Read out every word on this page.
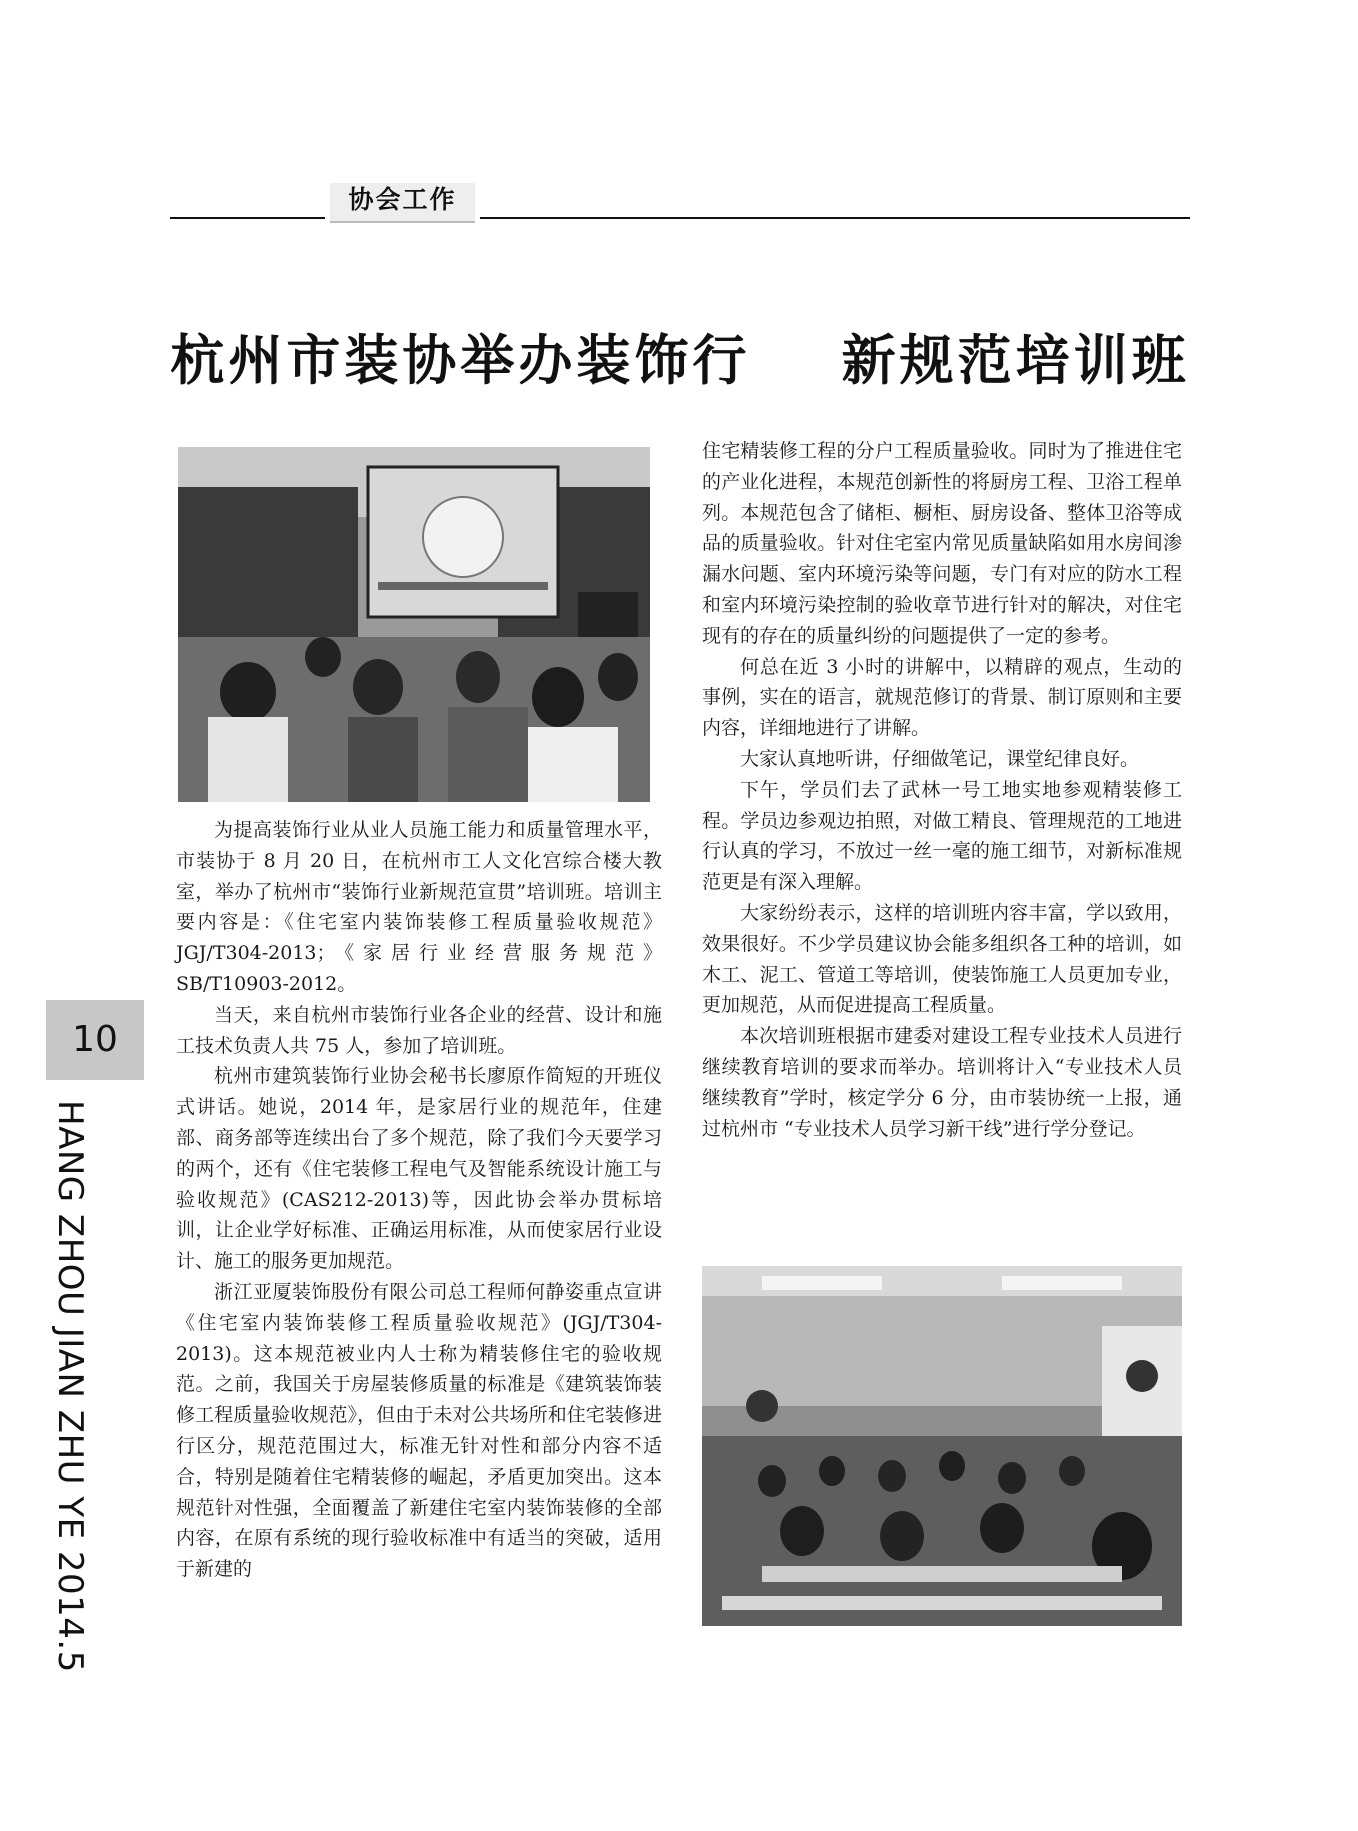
协会工作
杭州市装协举办装饰行    新规范培训班

为提高装饰行业从业人员施工能力和质量管理水平，市装协于 8 月 20 日，在杭州市工人文化宫综合楼大教室，举办了杭州市“装饰行业新规范宣贯”培训班。培训主要内容是：《住宅室内装饰装修工程质量验收规范》JGJ/T304-2013；《家居行业经营服务规范》SB/T10903-2012。

当天，来自杭州市装饰行业各企业的经营、设计和施工技术负责人共 75 人，参加了培训班。

杭州市建筑装饰行业协会秘书长廖原作简短的开班仪式讲话。她说，2014 年，是家居行业的规范年，住建部、商务部等连续出台了多个规范，除了我们今天要学习的两个，还有《住宅装修工程电气及智能系统设计施工与验收规范》(CAS212-2013)等，因此协会举办贯标培训，让企业学好标准、正确运用标准，从而使家居行业设计、施工的服务更加规范。

浙江亚厦装饰股份有限公司总工程师何静姿重点宣讲《住宅室内装饰装修工程质量验收规范》(JGJ/T304-2013)。这本规范被业内人士称为精装修住宅的验收规范。之前，我国关于房屋装修质量的标准是《建筑装饰装修工程质量验收规范》，但由于未对公共场所和住宅装修进行区分，规范范围过大，标准无针对性和部分内容不适合，特别是随着住宅精装修的崛起，矛盾更加突出。这本规范针对性强，全面覆盖了新建住宅室内装饰装修的全部内容，在原有系统的现行验收标准中有适当的突破，适用于新建的

住宅精装修工程的分户工程质量验收。同时为了推进住宅的产业化进程，本规范创新性的将厨房工程、卫浴工程单列。本规范包含了储柜、橱柜、厨房设备、整体卫浴等成品的质量验收。针对住宅室内常见质量缺陷如用水房间渗漏水问题、室内环境污染等问题，专门有对应的防水工程和室内环境污染控制的验收章节进行针对的解决，对住宅现有的存在的质量纠纷的问题提供了一定的参考。

何总在近 3 小时的讲解中，以精辟的观点，生动的事例，实在的语言，就规范修订的背景、制订原则和主要内容，详细地进行了讲解。

大家认真地听讲，仔细做笔记，课堂纪律良好。

下午，学员们去了武林一号工地实地参观精装修工程。学员边参观边拍照，对做工精良、管理规范的工地进行认真的学习，不放过一丝一毫的施工细节，对新标准规范更是有深入理解。

大家纷纷表示，这样的培训班内容丰富，学以致用，效果很好。不少学员建议协会能多组织各工种的培训，如木工、泥工、管道工等培训，使装饰施工人员更加专业，更加规范，从而促进提高工程质量。

本次培训班根据市建委对建设工程专业技术人员进行继续教育培训的要求而举办。培训将计入“专业技术人员继续教育”学时，核定学分 6 分，由市装协统一上报，通过杭州市 “专业技术人员学习新干线”进行学分登记。

10
HANG ZHOU JIAN ZHU YE 2014.5
